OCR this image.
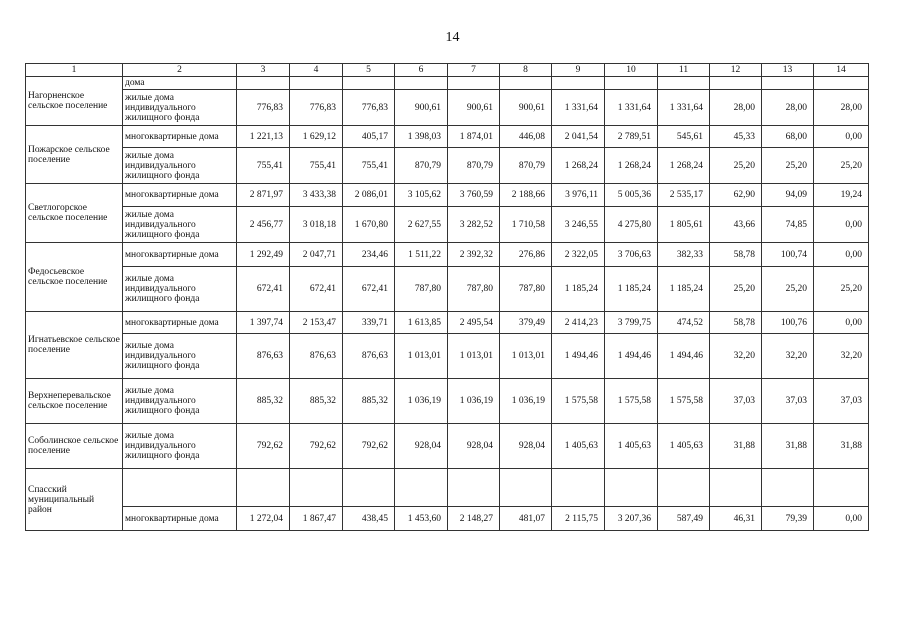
14
1	2	3	4	5	6	7	8	9	10	11	12	13	14
Нагорненское сельское поселение	дома												
	жилые дома индивидуального жилищного фонда	776,83	776,83	776,83	900,61	900,61	900,61	1 331,64	1 331,64	1 331,64	28,00	28,00	28,00
Пожарское сельское поселение	многоквартирные дома	1 221,13	1 629,12	405,17	1 398,03	1 874,01	446,08	2 041,54	2 789,51	545,61	45,33	68,00	0,00
	жилые дома индивидуального жилищного фонда	755,41	755,41	755,41	870,79	870,79	870,79	1 268,24	1 268,24	1 268,24	25,20	25,20	25,20
Светлогорское сельское поселение	многоквартирные дома	2 871,97	3 433,38	2 086,01	3 105,62	3 760,59	2 188,66	3 976,11	5 005,36	2 535,17	62,90	94,09	19,24
	жилые дома индивидуального жилищного фонда	2 456,77	3 018,18	1 670,80	2 627,55	3 282,52	1 710,58	3 246,55	4 275,80	1 805,61	43,66	74,85	0,00
Федосьевское сельское поселение	многоквартирные дома	1 292,49	2 047,71	234,46	1 511,22	2 392,32	276,86	2 322,05	3 706,63	382,33	58,78	100,74	0,00
	жилые дома индивидуального жилищного фонда	672,41	672,41	672,41	787,80	787,80	787,80	1 185,24	1 185,24	1 185,24	25,20	25,20	25,20
Игнатьевское сельское поселение	многоквартирные дома	1 397,74	2 153,47	339,71	1 613,85	2 495,54	379,49	2 414,23	3 799,75	474,52	58,78	100,76	0,00
	жилые дома индивидуального жилищного фонда	876,63	876,63	876,63	1 013,01	1 013,01	1 013,01	1 494,46	1 494,46	1 494,46	32,20	32,20	32,20
Верхнеперевальское сельское поселение	жилые дома индивидуального жилищного фонда	885,32	885,32	885,32	1 036,19	1 036,19	1 036,19	1 575,58	1 575,58	1 575,58	37,03	37,03	37,03
Соболинское сельское поселение	жилые дома индивидуального жилищного фонда	792,62	792,62	792,62	928,04	928,04	928,04	1 405,63	1 405,63	1 405,63	31,88	31,88	31,88
Спасский муниципальный район													
	многоквартирные дома	1 272,04	1 867,47	438,45	1 453,60	2 148,27	481,07	2 115,75	3 207,36	587,49	46,31	79,39	0,00
